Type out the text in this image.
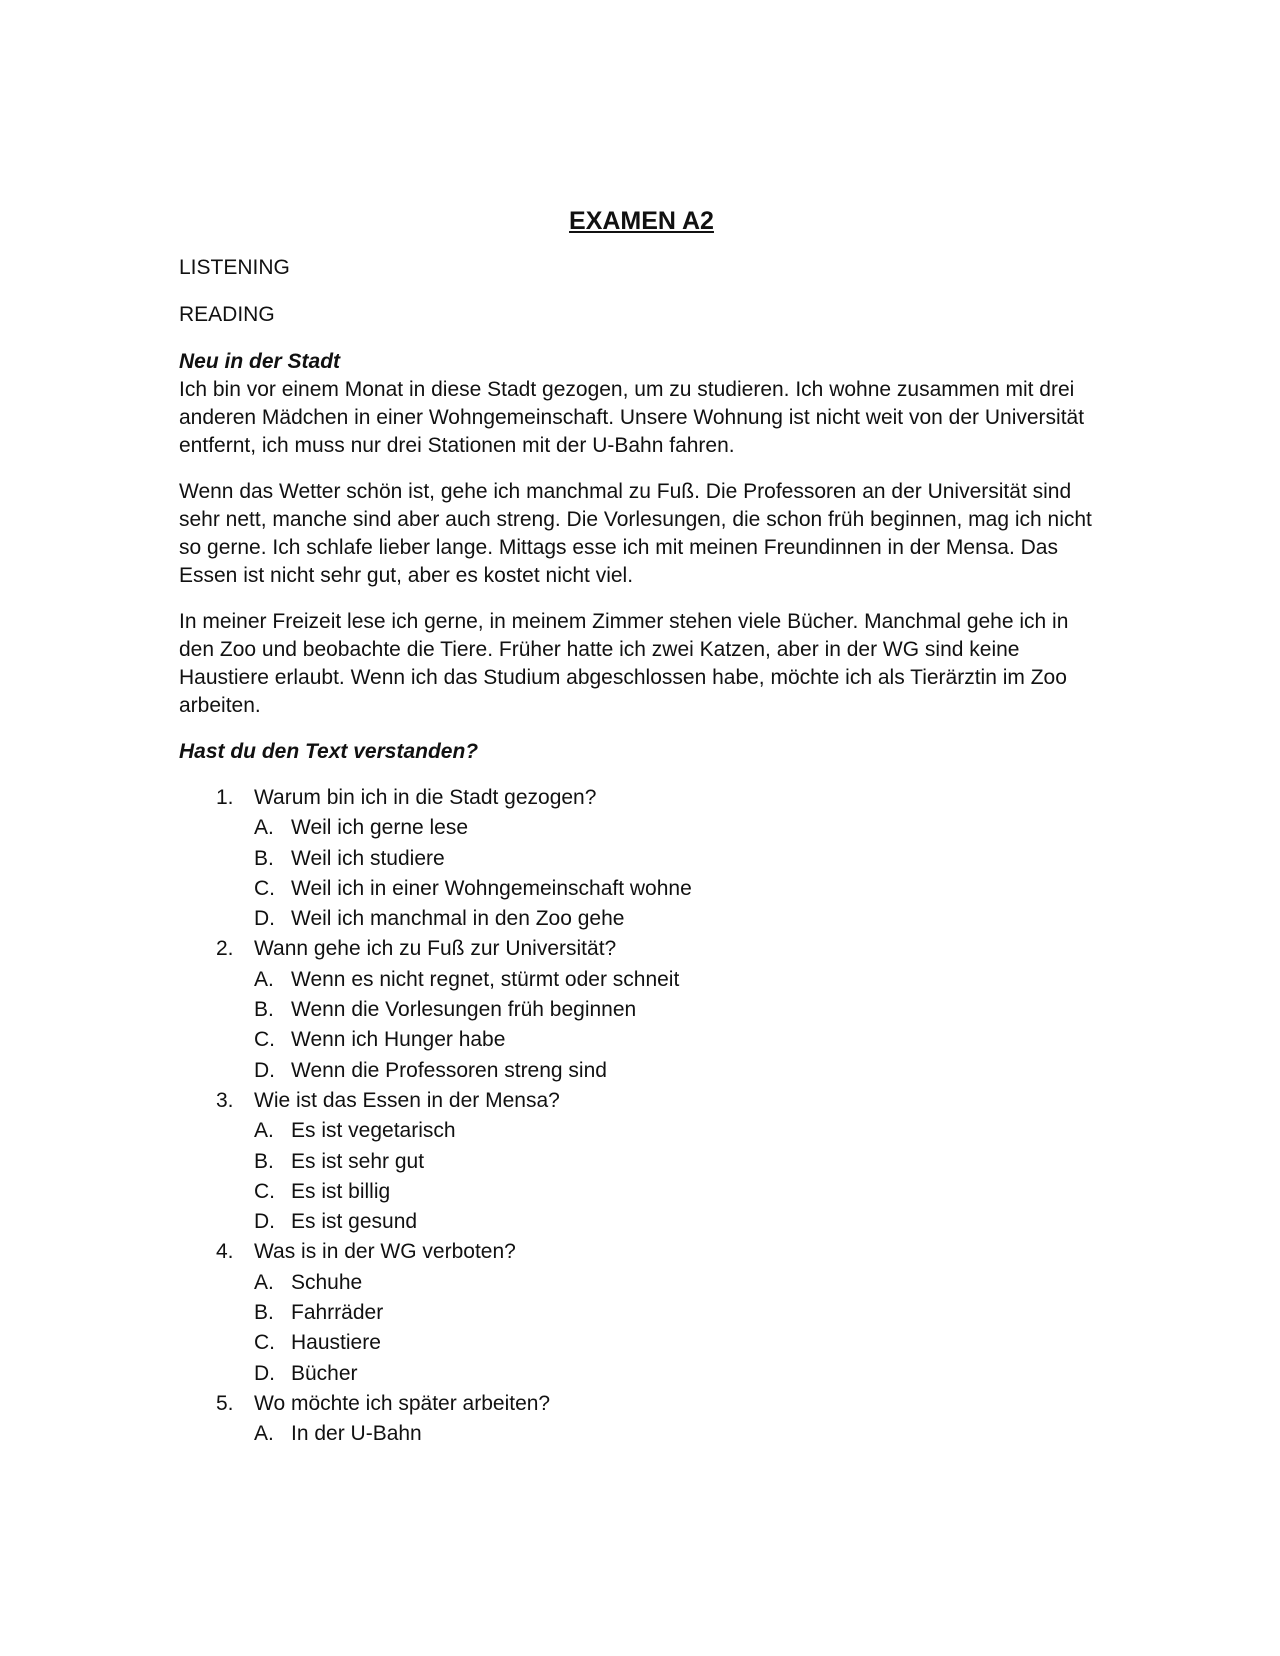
EXAMEN A2
LISTENING
READING
Neu in der Stadt

Ich bin vor einem Monat in diese Stadt gezogen, um zu studieren. Ich wohne zusammen mit drei anderen Mädchen in einer Wohngemeinschaft. Unsere Wohnung ist nicht weit von der Universität entfernt, ich muss nur drei Stationen mit der U-Bahn fahren.

Wenn das Wetter schön ist, gehe ich manchmal zu Fuß. Die Professoren an der Universität sind sehr nett, manche sind aber auch streng. Die Vorlesungen, die schon früh beginnen, mag ich nicht so gerne. Ich schlafe lieber lange. Mittags esse ich mit meinen Freundinnen in der Mensa. Das Essen ist nicht sehr gut, aber es kostet nicht viel.

In meiner Freizeit lese ich gerne, in meinem Zimmer stehen viele Bücher. Manchmal gehe ich in den Zoo und beobachte die Tiere. Früher hatte ich zwei Katzen, aber in der WG sind keine Haustiere erlaubt. Wenn ich das Studium abgeschlossen habe, möchte ich als Tierärztin im Zoo arbeiten.

Hast du den Text verstanden?
1. Warum bin ich in die Stadt gezogen?
A. Weil ich gerne lese
B. Weil ich studiere
C. Weil ich in einer Wohngemeinschaft wohne
D. Weil ich manchmal in den Zoo gehe
2. Wann gehe ich zu Fuß zur Universität?
A. Wenn es nicht regnet, stürmt oder schneit
B. Wenn die Vorlesungen früh beginnen
C. Wenn ich Hunger habe
D. Wenn die Professoren streng sind
3. Wie ist das Essen in der Mensa?
A. Es ist vegetarisch
B. Es ist sehr gut
C. Es ist billig
D. Es ist gesund
4. Was is in der WG verboten?
A. Schuhe
B. Fahrräder
C. Haustiere
D. Bücher
5. Wo möchte ich später arbeiten?
A. In der U-Bahn
